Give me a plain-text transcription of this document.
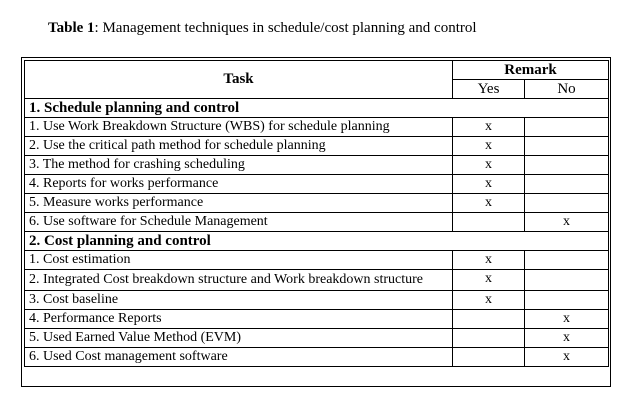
Table 1: Management techniques in schedule/cost planning and control
Task	Remark	
	Yes	No
1. Schedule planning and control		
1. Use Work Breakdown Structure (WBS) for schedule planning	x	
2. Use the critical path method for schedule planning	x	
3. The method for crashing scheduling	x	
4. Reports for works performance	x	
5. Measure works performance	x	
6. Use software for Schedule Management		x
2. Cost planning and control		
1. Cost estimation	x	
2. Integrated Cost breakdown structure and Work breakdown structure	x	
3. Cost baseline	x	
4. Performance Reports		x
5. Used Earned Value Method (EVM)		x
6. Used Cost management software		x
